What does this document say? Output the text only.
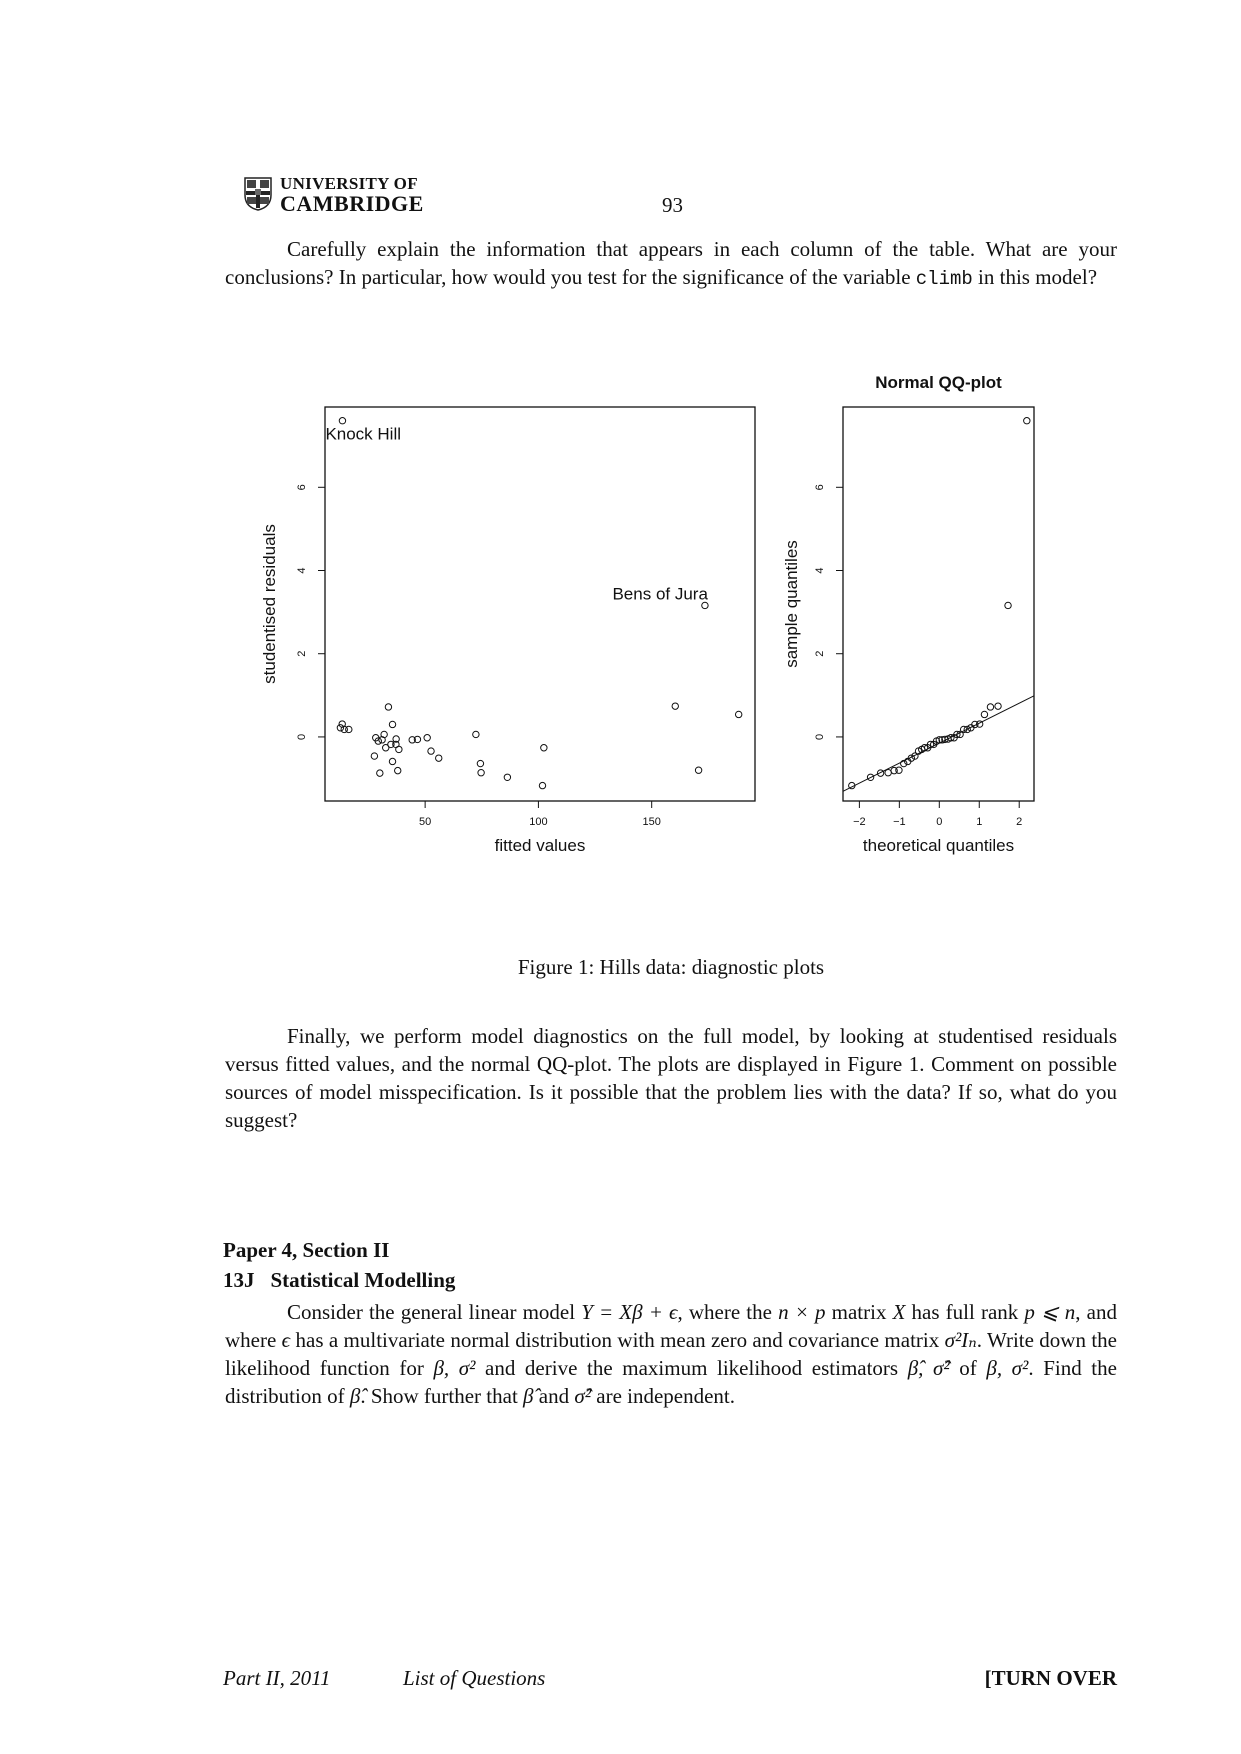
UNIVERSITY OF
CAMBRIDGE	93
Carefully explain the information that appears in each column of the table. What are your conclusions? In particular, how would you test for the significance of the variable climb in this model?
50	100	150
0
2
4
6
fitted values
studentised residuals
Knock Hill
Bens of Jura
Normal QQ-plot
−2 −1	0	1	2
0
2
4
6
theoretical quantiles
sample quantiles
Figure 1: Hills data: diagnostic plots
Finally, we perform model diagnostics on the full model, by looking at studentised residuals versus fitted values, and the normal QQ-plot. The plots are displayed in Figure 1. Comment on possible sources of model misspecification. Is it possible that the problem lies with the data? If so, what do you suggest?
Paper 4, Section II
13J Statistical Modelling
Consider the general linear model Y = Xβ + ϵ, where the n × p matrix X has full rank p ⩽ n, and where ϵ has a multivariate normal distribution with mean zero and covariance matrix σ²Iₙ. Write down the likelihood function for β, σ² and derive the maximum likelihood estimators β̂, σ̂² of β, σ². Find the distribution of β̂. Show further that β̂ and σ̂² are independent.
Part II, 2011	List of Questions	[TURN OVER
